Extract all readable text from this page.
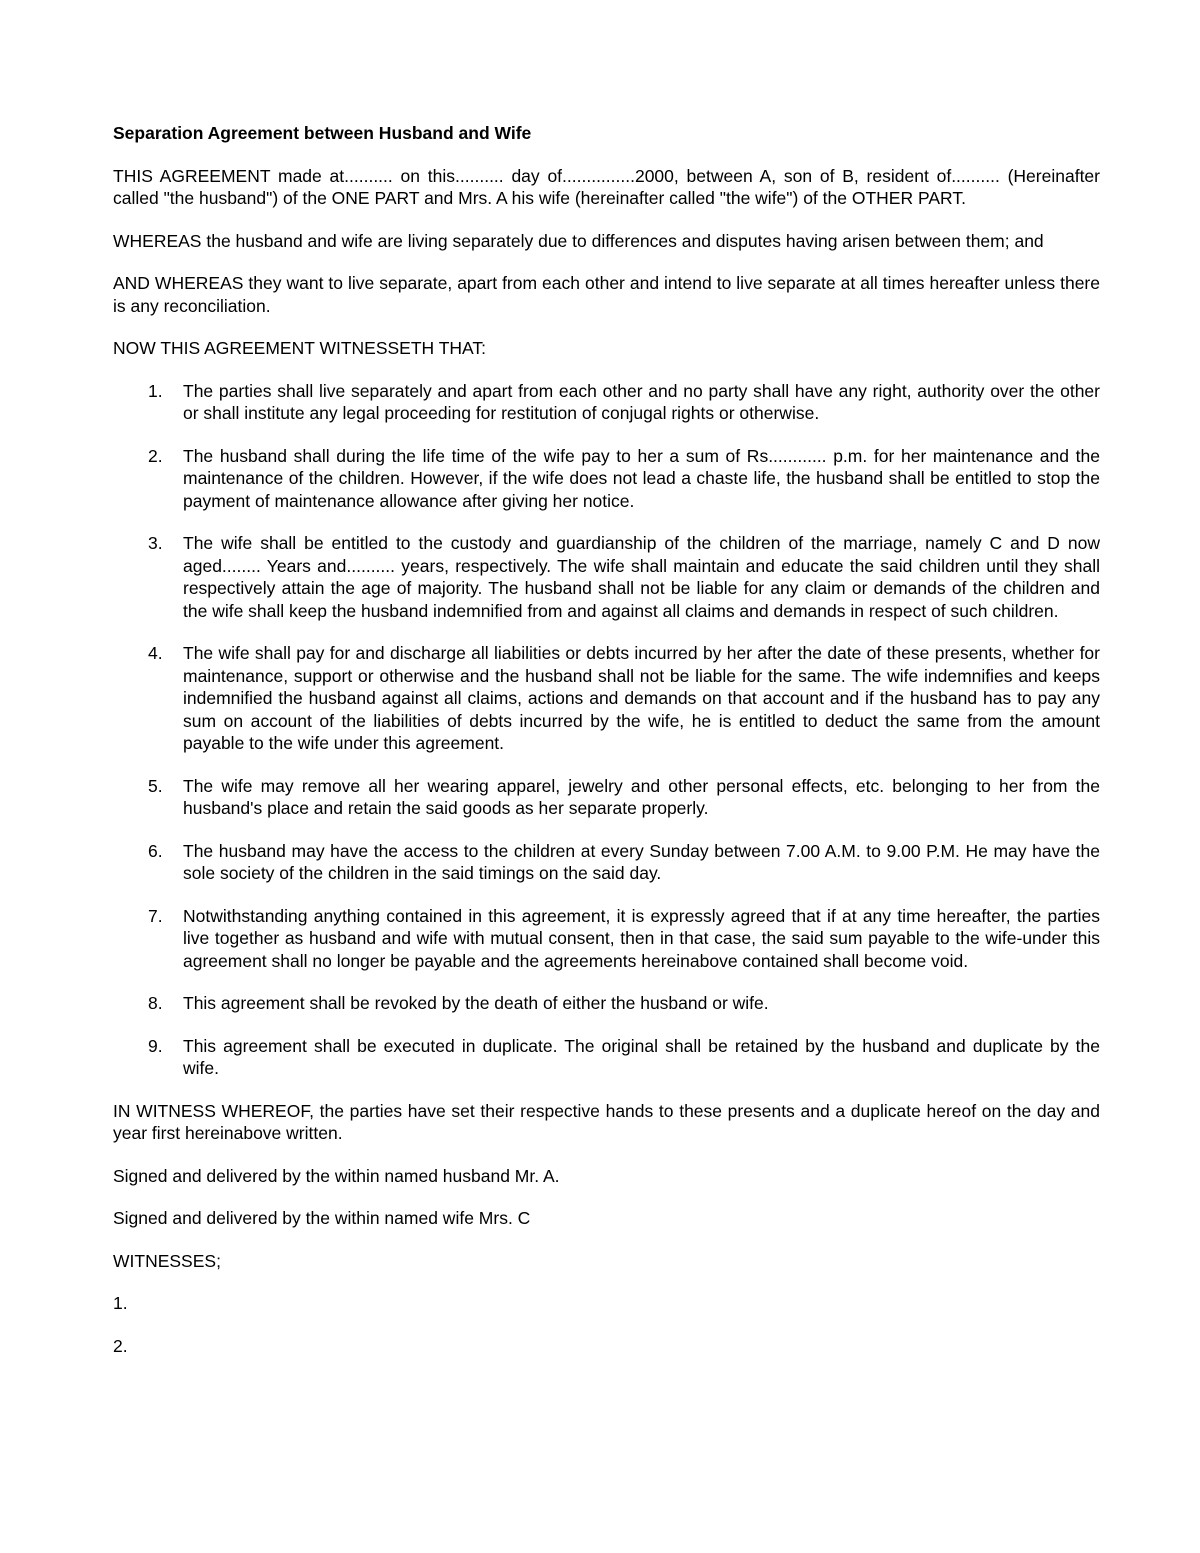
Separation Agreement between Husband and Wife
THIS AGREEMENT made at.......... on this.......... day of...............2000, between A, son of B, resident of.......... (Hereinafter called "the husband") of the ONE PART and Mrs. A his wife (hereinafter called "the wife") of the OTHER PART.
WHEREAS the husband and wife are living separately due to differences and disputes having arisen between them; and
AND WHEREAS they want to live separate, apart from each other and intend to live separate at all times hereafter unless there is any reconciliation.
NOW THIS AGREEMENT WITNESSETH THAT:
1.	The parties shall live separately and apart from each other and no party shall have any right, authority over the other or shall institute any legal proceeding for restitution of conjugal rights or otherwise.
2.	The husband shall during the life time of the wife pay to her a sum of Rs............ p.m. for her maintenance and the maintenance of the children. However, if the wife does not lead a chaste life, the husband shall be entitled to stop the payment of maintenance allowance after giving her notice.
3.	The wife shall be entitled to the custody and guardianship of the children of the marriage, namely C and D now aged........ Years and.......... years, respectively. The wife shall maintain and educate the said children until they shall respectively attain the age of majority. The husband shall not be liable for any claim or demands of the children and the wife shall keep the husband indemnified from and against all claims and demands in respect of such children.
4.	The wife shall pay for and discharge all liabilities or debts incurred by her after the date of these presents, whether for maintenance, support or otherwise and the husband shall not be liable for the same. The wife indemnifies and keeps indemnified the husband against all claims, actions and demands on that account and if the husband has to pay any sum on account of the liabilities of debts incurred by the wife, he is entitled to deduct the same from the amount payable to the wife under this agreement.
5.	The wife may remove all her wearing apparel, jewelry and other personal effects, etc. belonging to her from the husband's place and retain the said goods as her separate properly.
6.	The husband may have the access to the children at every Sunday between 7.00 A.M. to 9.00 P.M. He may have the sole society of the children in the said timings on the said day.
7.	Notwithstanding anything contained in this agreement, it is expressly agreed that if at any time hereafter, the parties live together as husband and wife with mutual consent, then in that case, the said sum payable to the wife-under this agreement shall no longer be payable and the agreements hereinabove contained shall become void.
8.	This agreement shall be revoked by the death of either the husband or wife.
9.	This agreement shall be executed in duplicate. The original shall be retained by the husband and duplicate by the wife.
IN WITNESS WHEREOF, the parties have set their respective hands to these presents and a duplicate hereof on the day and year first hereinabove written.
Signed and delivered by the within named husband Mr. A.
Signed and delivered by the within named wife Mrs. C
WITNESSES;
1.
2.
